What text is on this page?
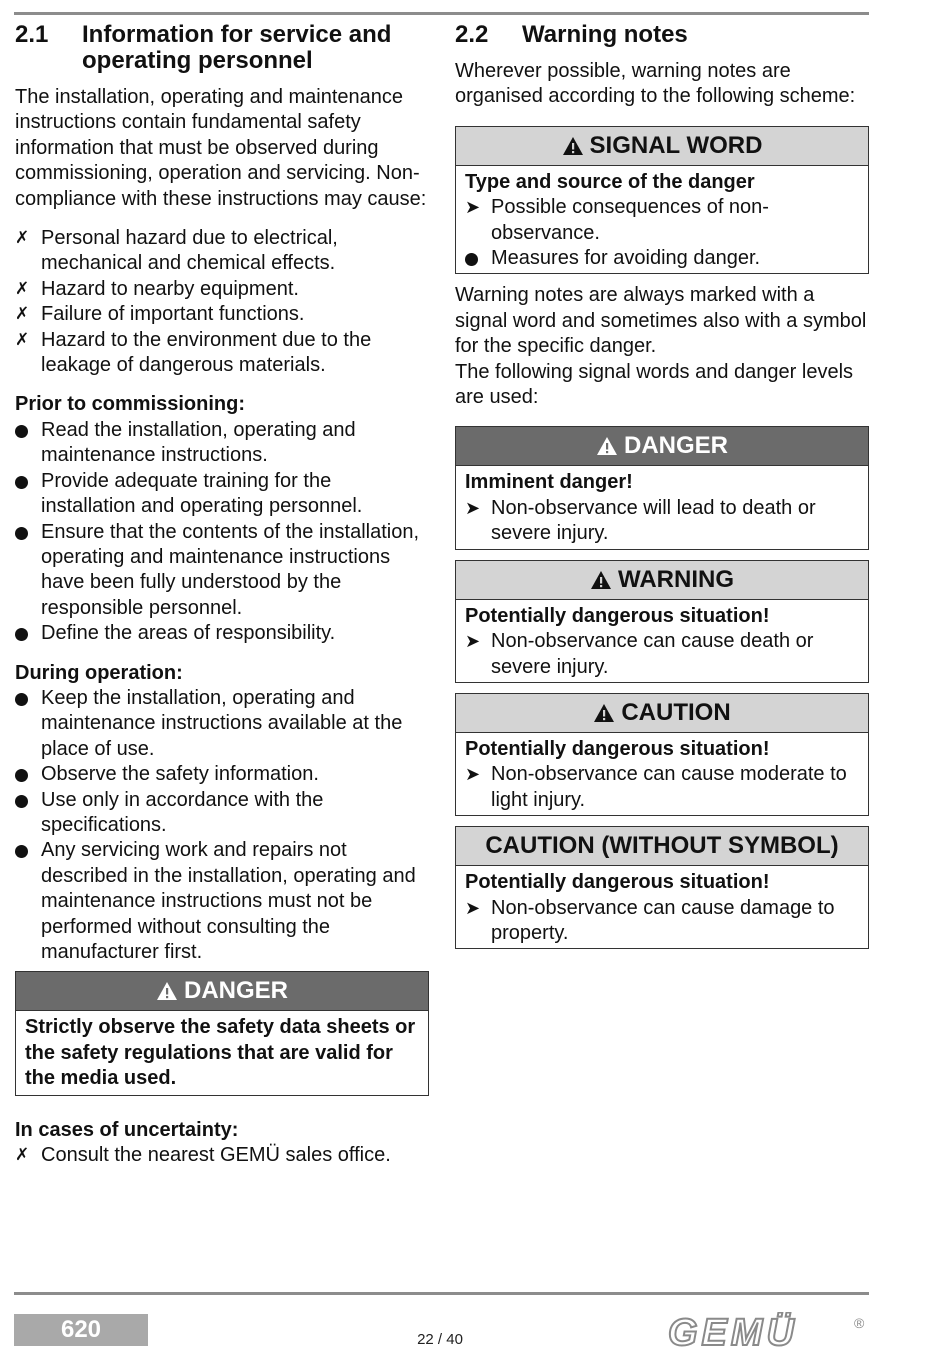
2.1	Information for service and operating personnel

The installation, operating and maintenance instructions contain fundamental safety information that must be observed during commissioning, operation and servicing. Non-compliance with these instructions may cause:

✗ Personal hazard due to electrical, mechanical and chemical effects.
✗ Hazard to nearby equipment.
✗ Failure of important functions.
✗ Hazard to the environment due to the leakage of dangerous materials.

Prior to commissioning:

Read the installation, operating and maintenance instructions.
Provide adequate training for the installation and operating personnel.
Ensure that the contents of the installation, operating and maintenance instructions have been fully understood by the responsible personnel.
Define the areas of responsibility.

During operation:

Keep the installation, operating and maintenance instructions available at the place of use.
Observe the safety information.
Use only in accordance with the specifications.
Any servicing work and repairs not described in the installation, operating and maintenance instructions must not be performed without consulting the manufacturer first.
DANGER
Strictly observe the safety data sheets or the safety regulations that are valid for the media used.

In cases of uncertainty:

✗ Consult the nearest GEMÜ sales office.
2.2	Warning notes

Wherever possible, warning notes are organised according to the following scheme:

SIGNAL WORD
Type and source of the danger
➤ Possible consequences of non-observance.
Measures for avoiding danger.

Warning notes are always marked with a signal word and sometimes also with a symbol for the specific danger.

The following signal words and danger levels are used:

DANGER
Imminent danger!
➤ Non-observance will lead to death or severe injury.
WARNING
Potentially dangerous situation!
➤ Non-observance can cause death or severe injury.
CAUTION
Potentially dangerous situation!
➤ Non-observance can cause moderate to light injury.
CAUTION (WITHOUT SYMBOL)
Potentially dangerous situation!
➤ Non-observance can cause damage to property.
620	22 / 40	GEMÜ	®
